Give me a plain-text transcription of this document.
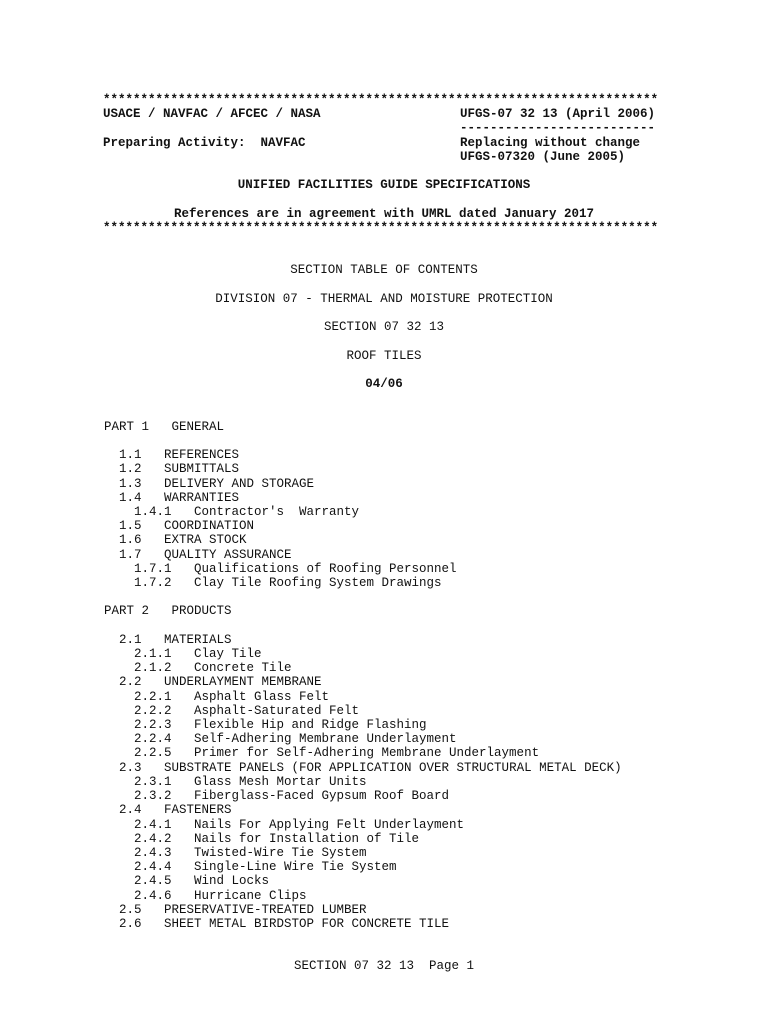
**************************************************************************
USACE / NAVFAC / AFCEC / NASA	UFGS-07 32 13 (April 2006)
--------------------------
Preparing Activity:  NAVFAC	Replacing without change
UFGS-07320 (June 2005)
UNIFIED FACILITIES GUIDE SPECIFICATIONS
References are in agreement with UMRL dated January 2017
**************************************************************************
SECTION TABLE OF CONTENTS
DIVISION 07 - THERMAL AND MOISTURE PROTECTION
SECTION 07 32 13
ROOF TILES
04/06
PART 1   GENERAL
1.1   REFERENCES
1.2   SUBMITTALS
1.3   DELIVERY AND STORAGE
1.4   WARRANTIES
1.4.1   Contractor's  Warranty
1.5   COORDINATION
1.6   EXTRA STOCK
1.7   QUALITY ASSURANCE
1.7.1   Qualifications of Roofing Personnel
1.7.2   Clay Tile Roofing System Drawings
PART 2   PRODUCTS
2.1   MATERIALS
2.1.1   Clay Tile
2.1.2   Concrete Tile
2.2   UNDERLAYMENT MEMBRANE
2.2.1   Asphalt Glass Felt
2.2.2   Asphalt-Saturated Felt
2.2.3   Flexible Hip and Ridge Flashing
2.2.4   Self-Adhering Membrane Underlayment
2.2.5   Primer for Self-Adhering Membrane Underlayment
2.3   SUBSTRATE PANELS (FOR APPLICATION OVER STRUCTURAL METAL DECK)
2.3.1   Glass Mesh Mortar Units
2.3.2   Fiberglass-Faced Gypsum Roof Board
2.4   FASTENERS
2.4.1   Nails For Applying Felt Underlayment
2.4.2   Nails for Installation of Tile
2.4.3   Twisted-Wire Tie System
2.4.4   Single-Line Wire Tie System
2.4.5   Wind Locks
2.4.6   Hurricane Clips
2.5   PRESERVATIVE-TREATED LUMBER
2.6   SHEET METAL BIRDSTOP FOR CONCRETE TILE
SECTION 07 32 13  Page 1
